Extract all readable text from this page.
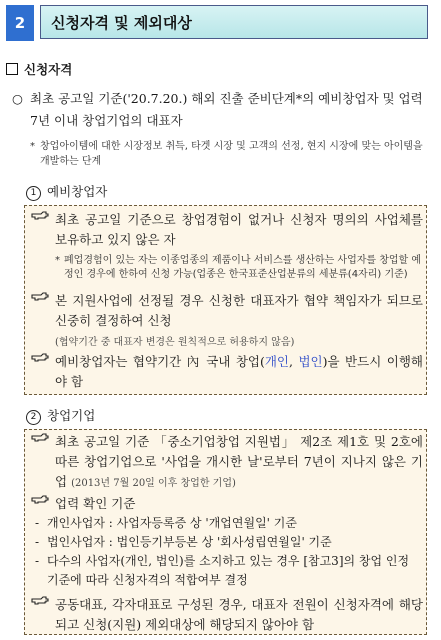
2	신청자격 및 제외대상
신청자격
○ 최초 공고일 기준('20.7.20.) 해외 진출 준비단계*의 예비창업자 및 업력 7년 이내 창업기업의 대표자
* 창업아이템에 대한 시장정보 취득, 타겟 시장 및 고객의 선정, 현지 시장에 맞는 아이템을 개발하는 단계
1 예비창업자
최초 공고일 기준으로 창업경험이 없거나 신청자 명의의 사업체를 보유하고 있지 않은 자
* 폐업경험이 있는 자는 이종업종의 제품이나 서비스를 생산하는 사업자를 창업할 예정인 경우에 한하여 신청 가능(업종은 한국표준산업분류의 세분류(4자리) 기준)
본 지원사업에 선정될 경우 신청한 대표자가 협약 책임자가 되므로 신중히 결정하여 신청
(협약기간 중 대표자 변경은 원칙적으로 허용하지 않음)
예비창업자는 협약기간 內 국내 창업(개인, 법인)을 반드시 이행해야 함
2 창업기업
최초 공고일 기준 「중소기업창업 지원법」 제2조 제1호 및 2호에 따른 창업기업으로 '사업을 개시한 날'로부터 7년이 지나지 않은 기업 (2013년 7월 20일 이후 창업한 기업)
업력 확인 기준
- 개인사업자 : 사업자등록증 상 '개업연월일' 기준
- 법인사업자 : 법인등기부등본 상 '회사성립연월일' 기준
- 다수의 사업자(개인, 법인)를 소지하고 있는 경우 [참고3]의 창업 인정 기준에 따라 신청자격의 적합여부 결정
공동대표, 각자대표로 구성된 경우, 대표자 전원이 신청자격에 해당되고 신청(지원) 제외대상에 해당되지 않아야 함
